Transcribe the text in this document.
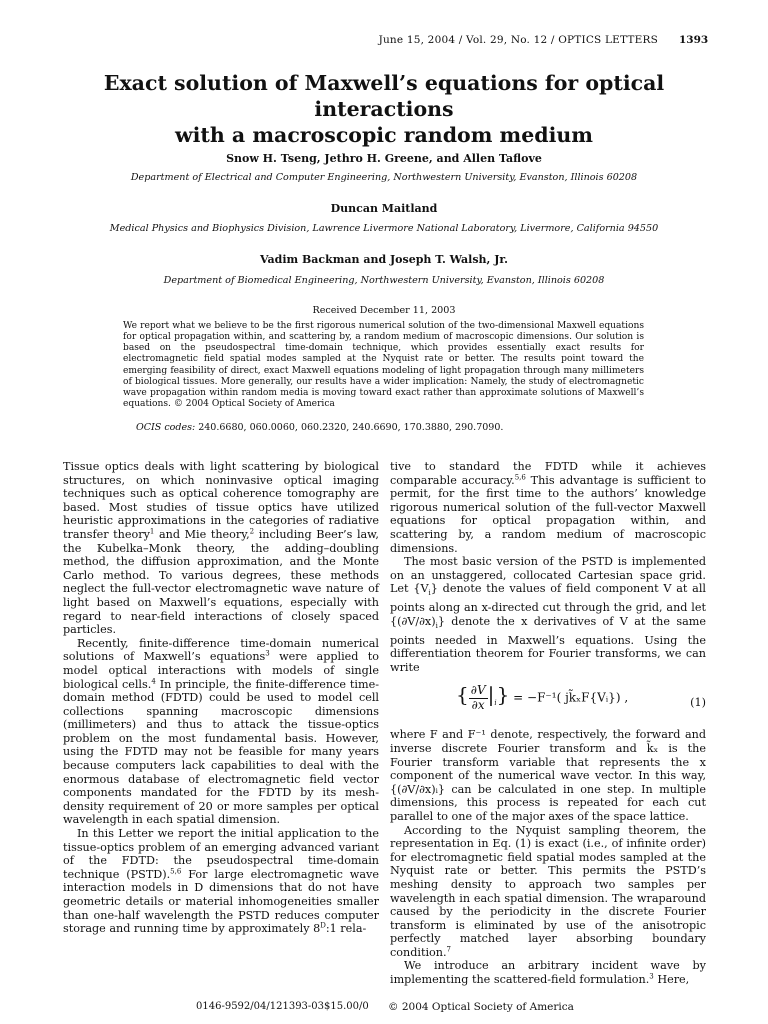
June 15, 2004 / Vol. 29, No. 12 / OPTICS LETTERS 1393
Exact solution of Maxwell’s equations for optical interactions
with a macroscopic random medium
Snow H. Tseng, Jethro H. Greene, and Allen Taflove
Department of Electrical and Computer Engineering, Northwestern University, Evanston, Illinois 60208
Duncan Maitland
Medical Physics and Biophysics Division, Lawrence Livermore National Laboratory, Livermore, California 94550
Vadim Backman and Joseph T. Walsh, Jr.
Department of Biomedical Engineering, Northwestern University, Evanston, Illinois 60208
Received December 11, 2003
We report what we believe to be the first rigorous numerical solution of the two-dimensional Maxwell equations for optical propagation within, and scattering by, a random medium of macroscopic dimensions. Our solution is based on the pseudospectral time-domain technique, which provides essentially exact results for electromagnetic field spatial modes sampled at the Nyquist rate or better. The results point toward the emerging feasibility of direct, exact Maxwell equations modeling of light propagation through many millimeters of biological tissues. More generally, our results have a wider implication: Namely, the study of electromagnetic wave propagation within random media is moving toward exact rather than approximate solutions of Maxwell’s equations. © 2004 Optical Society of America
OCIS codes: 240.6680, 060.0060, 060.2320, 240.6690, 170.3880, 290.7090.

Tissue optics deals with light scattering by biological structures, on which noninvasive optical imaging techniques such as optical coherence tomography are based. Most studies of tissue optics have utilized heuristic approximations in the categories of radiative transfer theory$^1$ and Mie theory,$^2$ including Beer’s law, the Kubelka–Monk theory, the adding–doubling method, the diffusion approximation, and the Monte Carlo method. To various degrees, these methods neglect the full-vector electromagnetic wave nature of light based on Maxwell’s equations, especially with regard to near-field interactions of closely spaced particles.

Recently, finite-difference time-domain numerical solutions of Maxwell’s equations$^3$ were applied to model optical interactions with models of single biological cells.$^4$ In principle, the finite-difference time-domain method (FDTD) could be used to model cell collections spanning macroscopic dimensions (millimeters) and thus to attack the tissue-optics problem on the most fundamental basis. However, using the FDTD may not be feasible for many years because computers lack capabilities to deal with the enormous database of electromagnetic field vector components mandated for the FDTD by its mesh-density requirement of 20 or more samples per optical wavelength in each spatial dimension.

In this Letter we report the initial application to the tissue-optics problem of an emerging advanced variant of the FDTD: the pseudospectral time-domain technique (PSTD).$^{5,6}$ For large electromagnetic wave interaction models in D dimensions that do not have geometric details or material inhomogeneities smaller than one-half wavelength the PSTD reduces computer storage and running time by approximately $8^D:1$ rela-

tive to standard the FDTD while it achieves comparable accuracy.$^{5,6}$ This advantage is sufficient to permit, for the first time to the authors’ knowledge rigorous numerical solution of the full-vector Maxwell equations for optical propagation within, and scattering by, a random medium of macroscopic dimensions.

The most basic version of the PSTD is implemented on an unstaggered, collocated Cartesian space grid. Let $\{V_i\}$ denote the values of field component V at all points along an x-directed cut through the grid, and let $\{(\partial V/\partial x)_i\}$ denote the x derivatives of V at the same points needed in Maxwell’s equations. Using the differentiation theorem for Fourier transforms, we can write

{ $\frac{\partial V}{\partial x} |_i\} = -F^{-1}$( jk̃ₓF{Vᵢ}) ,	(1)

where F and F⁻¹ denote, respectively, the forward and inverse discrete Fourier transform and k̃ₓ is the Fourier transform variable that represents the x component of the numerical wave vector. In this way, {(∂V/∂x)ᵢ} can be calculated in one step. In multiple dimensions, this process is repeated for each cut parallel to one of the major axes of the space lattice.

According to the Nyquist sampling theorem, the representation in Eq. (1) is exact (i.e., of infinite order) for electromagnetic field spatial modes sampled at the Nyquist rate or better. This permits the PSTD’s meshing density to approach two samples per wavelength in each spatial dimension. The wraparound caused by the periodicity in the discrete Fourier transform is eliminated by use of the anisotropic perfectly matched layer absorbing boundary condition.$^7$

We introduce an arbitrary incident wave by implementing the scattered-field formulation.$^3$ Here,

0146-9592/04/121393-03$15.00/0 © 2004 Optical Society of America
